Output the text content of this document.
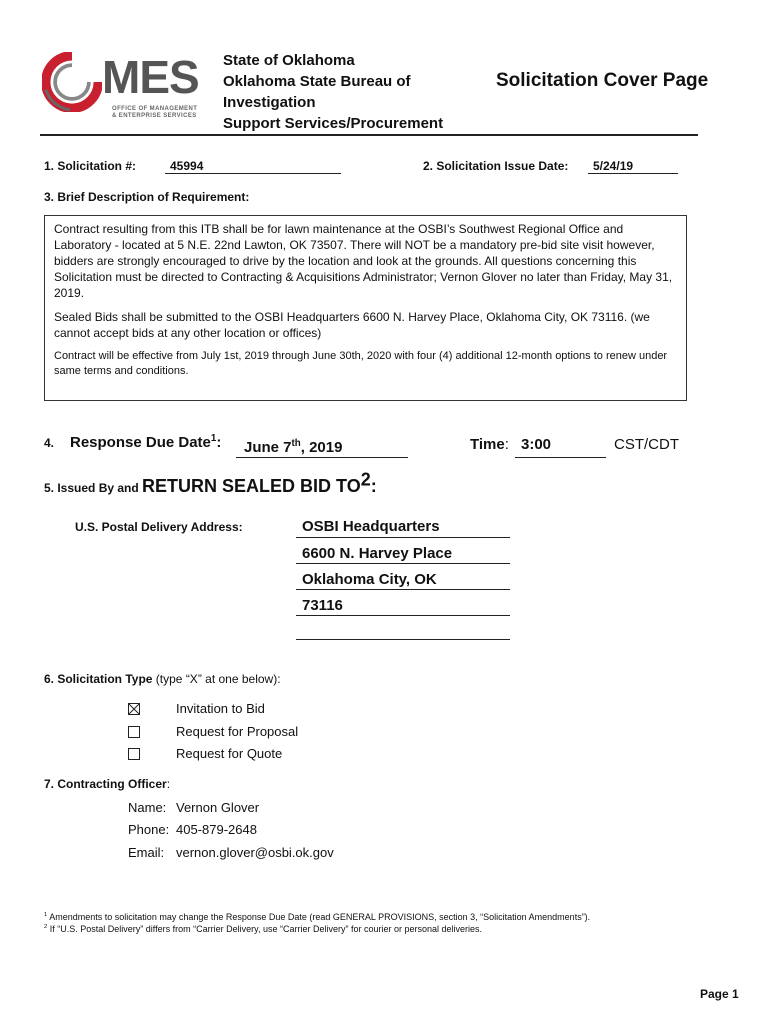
MES
OFFICE OF MANAGEMENT
& ENTERPRISE SERVICES
State of Oklahoma
Oklahoma State Bureau of
Investigation
Support Services/Procurement
Solicitation Cover Page
1. Solicitation #:	45994	2. Solicitation Issue Date: 5/24/19
3. Brief Description of Requirement:

Contract resulting from this ITB shall be for lawn maintenance at the OSBI’s Southwest Regional Office and Laboratory - located at 5 N.E. 22nd Lawton, OK 73507. There will NOT be a mandatory pre-bid site visit however, bidders are strongly encouraged to drive by the location and look at the grounds. All questions concerning this Solicitation must be directed to Contracting & Acquisitions Administrator; Vernon Glover no later than Friday, May 31, 2019.

Sealed Bids shall be submitted to the OSBI Headquarters 6600 N. Harvey Place, Oklahoma City, OK 73116. (we cannot accept bids at any other location or offices)

Contract will be effective from July 1st, 2019 through June 30th, 2020 with four (4) additional 12-month options to renew under same terms and conditions.

4. Response Due Date$^1$: June 7th, 2019	Time: 3:00	CST/CDT
5. Issued By and RETURN SEALED BID $TO^2$:
U.S. Postal Delivery Address:	OSBI Headquarters
6600 N. Harvey Place
Oklahoma City, OK
73116
6. Solicitation Type (type “X” at one below):
Invitation to Bid
Request for Proposal
Request for Quote
7. Contracting Officer:
Name: Vernon Glover
Phone: 405-879-2648
Email: vernon.glover@osbi.ok.gov
$^1$ Amendments to solicitation may change the Response Due Date (read GENERAL PROVISIONS, section 3, “Solicitation Amendments”).
$^2$ If “U.S. Postal Delivery” differs from “Carrier Delivery, use “Carrier Delivery” for courier or personal deliveries.
Page 1
